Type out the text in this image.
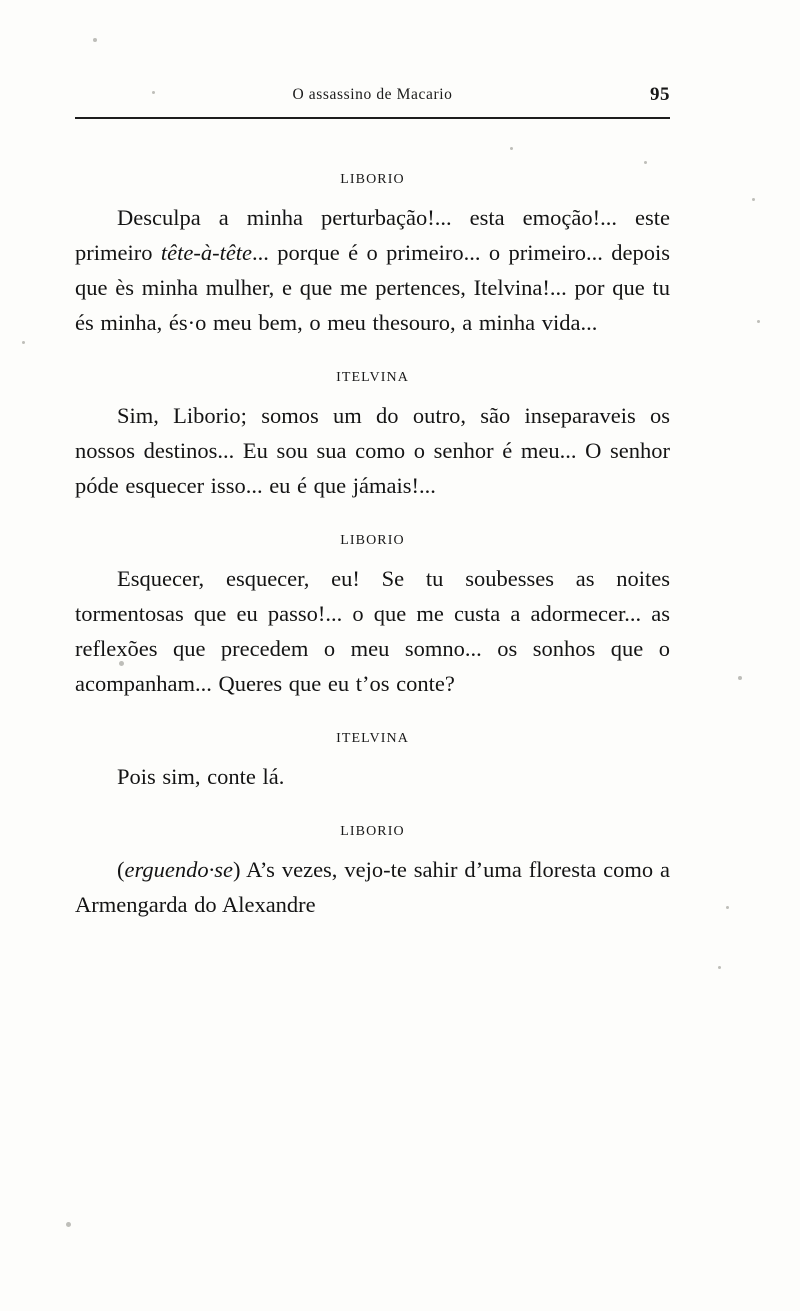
O assassino de Macario	95
LIBORIO

Desculpa a minha perturbação!... esta emoção!... este primeiro tête-à-tête... porque é o primeiro... o primeiro... depois que ès minha mulher, e que me pertences, Itelvina!... por que tu és minha, és·o meu bem, o meu thesouro, a minha vida...

ITELVINA

Sim, Liborio; somos um do outro, são inseparaveis os nossos destinos... Eu sou sua como o senhor é meu... O senhor póde esquecer isso... eu é que jámais!...

LIBORIO

Esquecer, esquecer, eu! Se tu soubesses as noites tormentosas que eu passo!... o que me custa a adormecer... as reflexões que precedem o meu somno... os sonhos que o acompanham... Queres que eu t’os conte?

ITELVINA

Pois sim, conte lá.

LIBORIO

(erguendo·se) A’s vezes, vejo-te sahir d’uma floresta como a Armengarda do Alexandre
